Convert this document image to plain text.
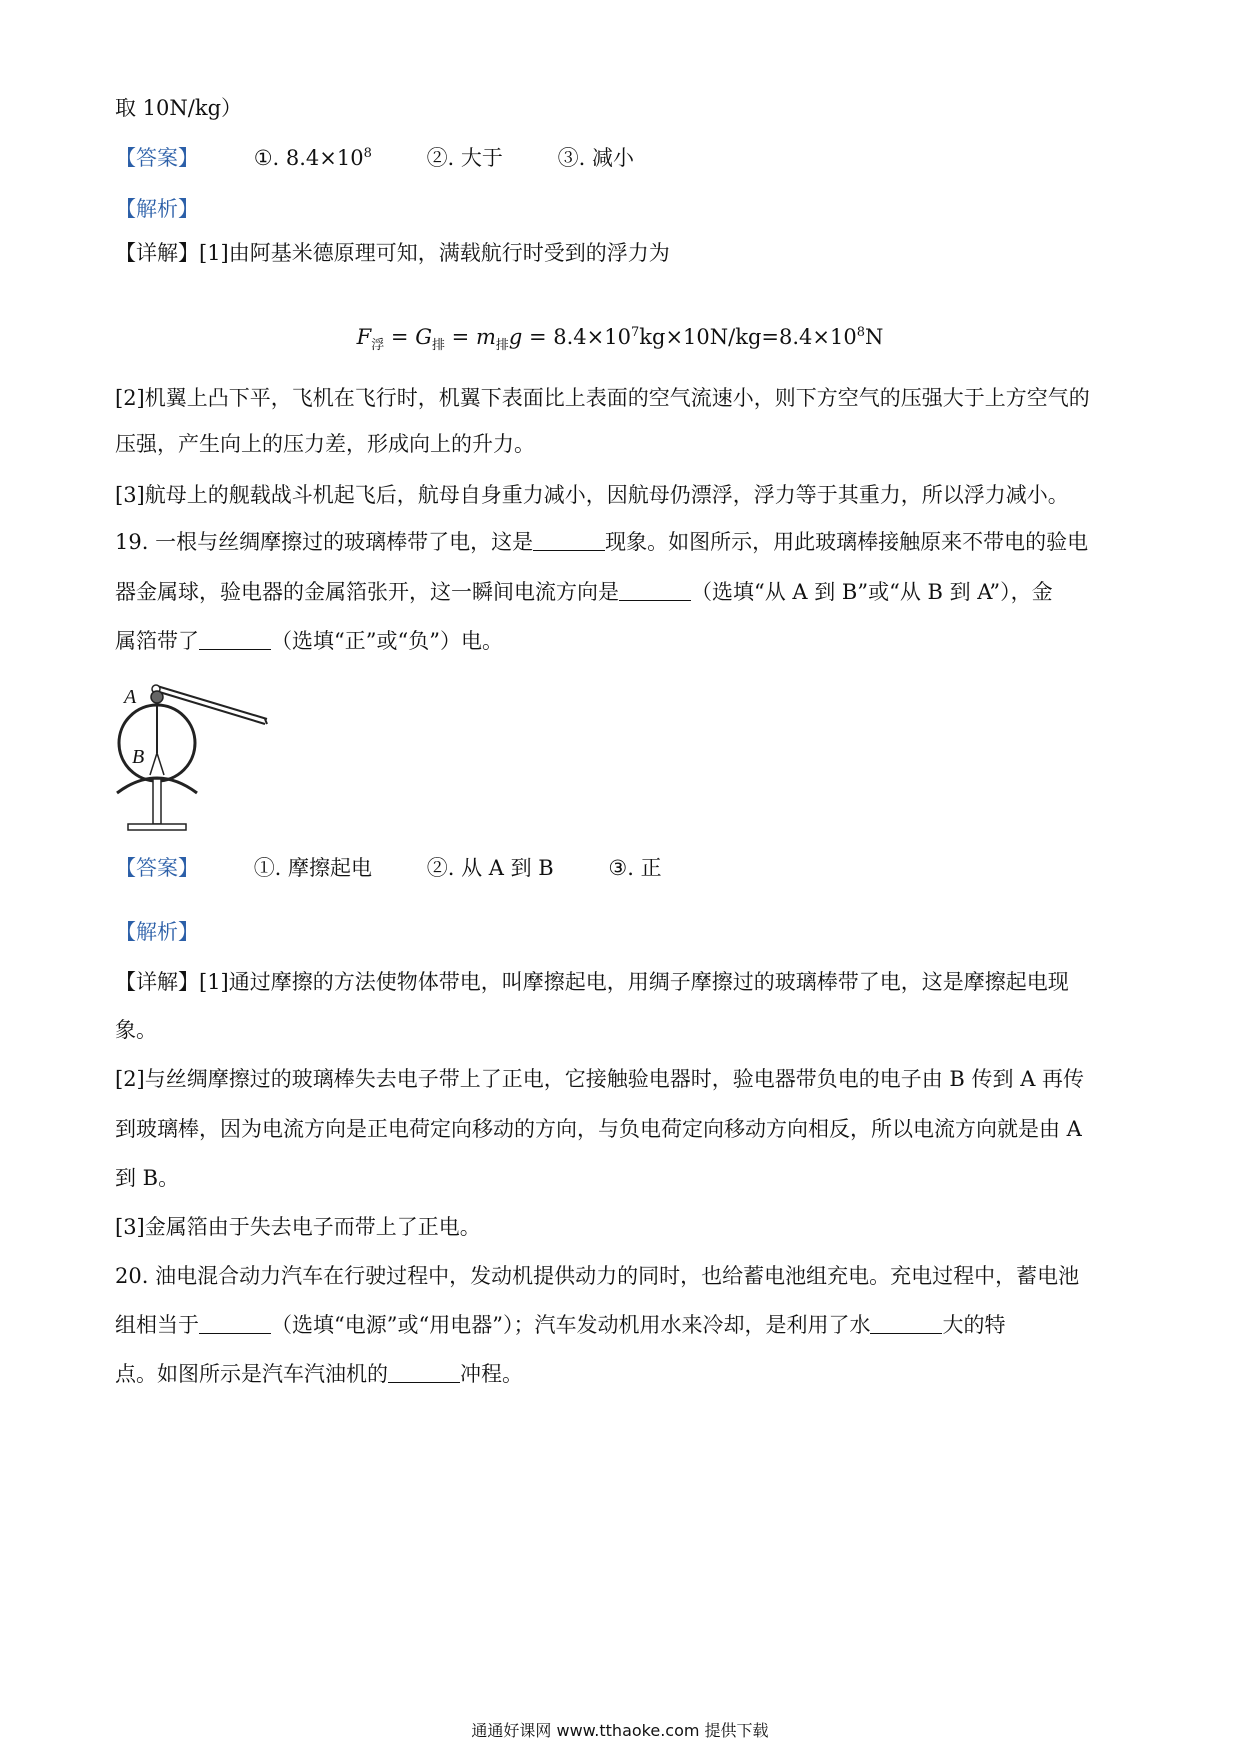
取 10N/kg）
【答案】	①. $8.4\times 10^8$	②. 大于	③. 减小
【解析】
【详解】[1]由阿基米德原理可知，满载航行时受到的浮力为
$F_浮 = G_排 = m_排g = 8.4\times 10^7kg\times 10N/kg=8.4\times 10^8N$
[2]机翼上凸下平，飞机在飞行时，机翼下表面比上表面的空气流速小，则下方空气的压强大于上方空气的
压强，产生向上的压力差，形成向上的升力。
[3]航母上的舰载战斗机起飞后，航母自身重力减小，因航母仍漂浮，浮力等于其重力，所以浮力减小。
19. 一根与丝绸摩擦过的玻璃棒带了电，这是	现象。如图所示，用此玻璃棒接触原来不带电的验电
器金属球，验电器的金属箔张开，这一瞬间电流方向是	（选填“从 A 到 B”或“从 B 到 A”），金
属箔带了	（选填“正”或“负”）电。
A
B
【答案】	①. 摩擦起电	②. 从 A 到 B	③. 正
【解析】
【详解】[1]通过摩擦的方法使物体带电，叫摩擦起电，用绸子摩擦过的玻璃棒带了电，这是摩擦起电现
象。
[2]与丝绸摩擦过的玻璃棒失去电子带上了正电，它接触验电器时，验电器带负电的电子由 B 传到 A 再传
到玻璃棒，因为电流方向是正电荷定向移动的方向，与负电荷定向移动方向相反，所以电流方向就是由 A
到 B。
[3]金属箔由于失去电子而带上了正电。
20. 油电混合动力汽车在行驶过程中，发动机提供动力的同时，也给蓄电池组充电。充电过程中，蓄电池
组相当于	（选填“电源”或“用电器”）；汽车发动机用水来冷却，是利用了水	大的特
点。如图所示是汽车汽油机的	冲程。
通通好课网 www.tthaoke.com 提供下载
